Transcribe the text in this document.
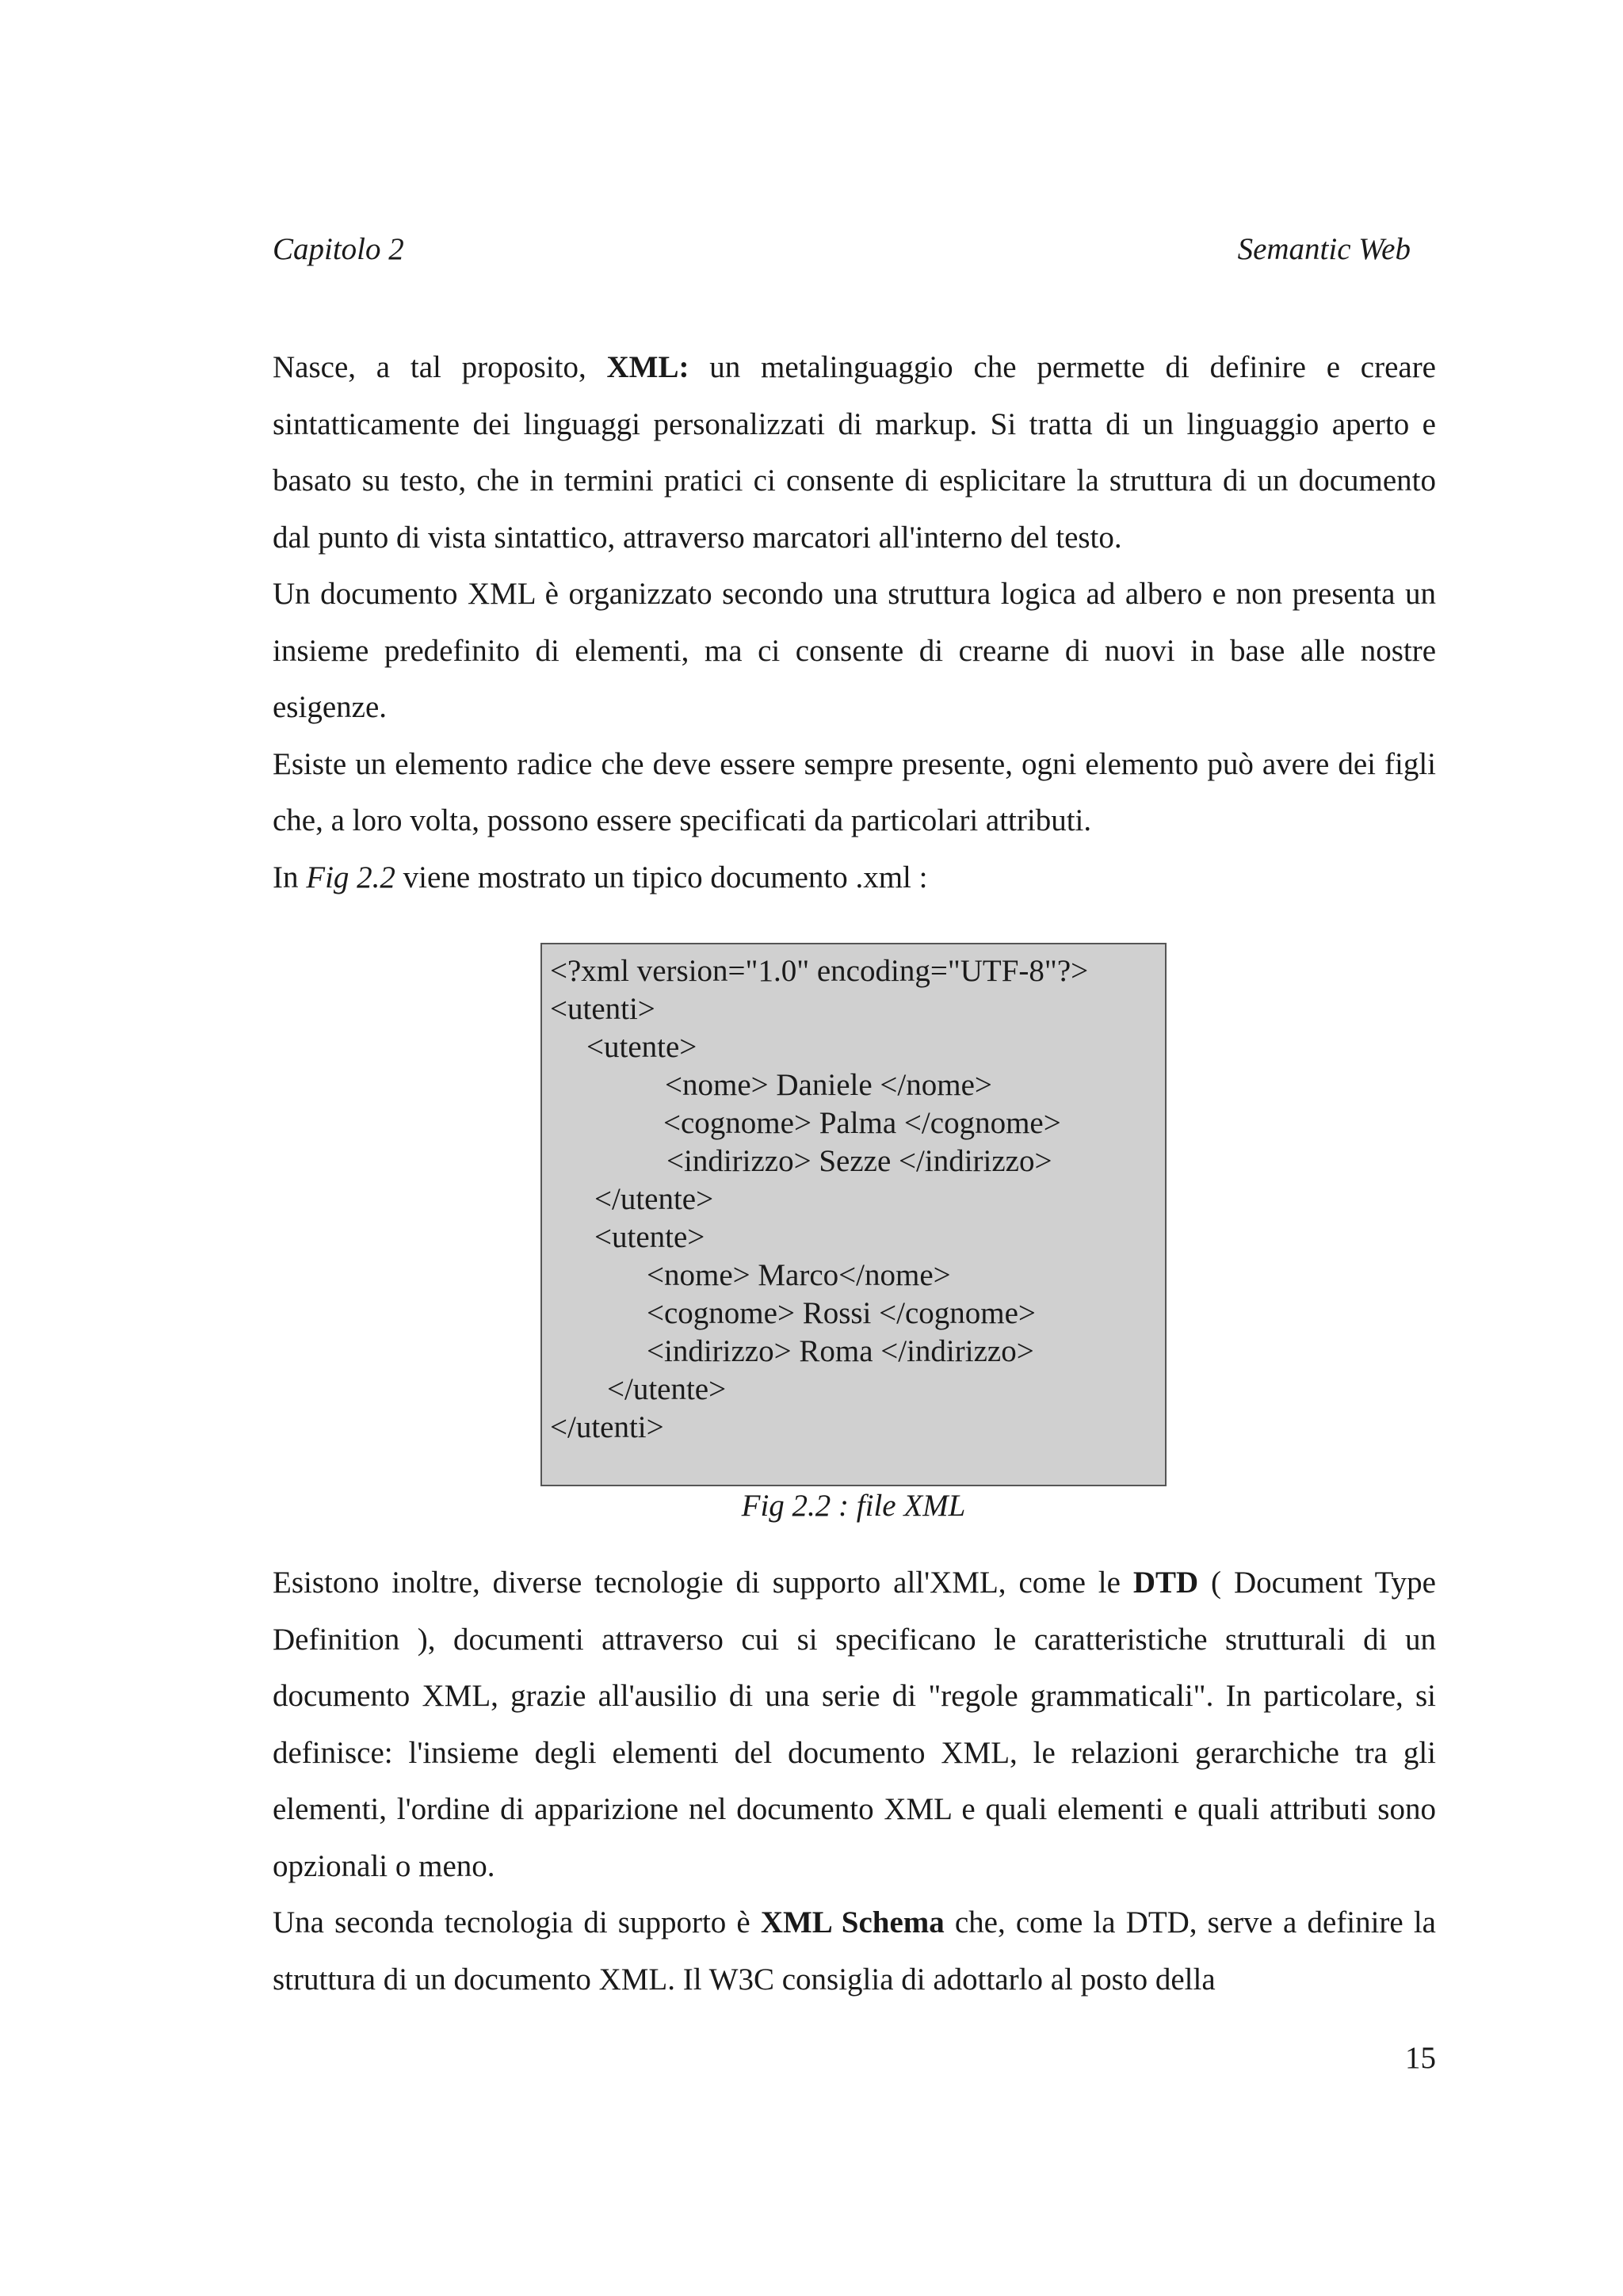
Capitolo 2	Semantic Web

Nasce, a tal proposito, XML: un metalinguaggio che permette di definire e creare sintatticamente dei linguaggi personalizzati di markup. Si tratta di un linguaggio aperto e basato su testo, che in termini pratici ci consente di esplicitare la struttura di un documento dal punto di vista sintattico, attraverso marcatori all'interno del testo.

Un documento XML è organizzato secondo una struttura logica ad albero e non presenta un insieme predefinito di elementi, ma ci consente di crearne di nuovi in base alle nostre esigenze.

Esiste un elemento radice che deve essere sempre presente, ogni elemento può avere dei figli che, a loro volta, possono essere specificati da particolari attributi.

In Fig 2.2 viene mostrato un tipico documento .xml :

<?xml version="1.0" encoding="UTF-8"?>
<utenti>
<utente>
<nome> Daniele </nome>
<cognome> Palma </cognome>
<indirizzo> Sezze </indirizzo>
</utente>
<utente>
<nome> Marco</nome>
<cognome> Rossi </cognome>
<indirizzo> Roma </indirizzo>
</utente>
</utenti>
Fig 2.2 : file XML

Esistono inoltre, diverse tecnologie di supporto all'XML, come le DTD ( Document Type Definition ), documenti attraverso cui si specificano le caratteristiche strutturali di un documento XML, grazie all'ausilio di una serie di "regole grammaticali". In particolare, si definisce: l'insieme degli elementi del documento XML, le relazioni gerarchiche tra gli elementi, l'ordine di apparizione nel documento XML e quali elementi e quali attributi sono opzionali o meno.

Una seconda tecnologia di supporto è XML Schema che, come la DTD, serve a definire la struttura di un documento XML. Il W3C consiglia di adottarlo al posto della

15
